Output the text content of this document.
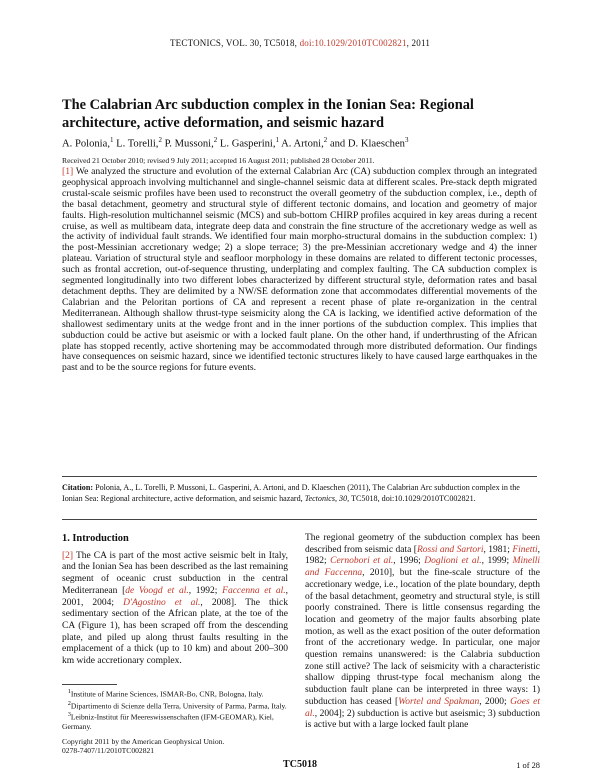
TECTONICS, VOL. 30, TC5018, doi:10.1029/2010TC002821, 2011
The Calabrian Arc subduction complex in the Ionian Sea: Regional architecture, active deformation, and seismic hazard
A. Polonia,$^1$ L. Torelli,$^2$ P. Mussoni,$^2$ L. Gasperini,$^1$ A. Artoni,$^2$ and D. Klaeschen$^3$
Received 21 October 2010; revised 9 July 2011; accepted 16 August 2011; published 28 October 2011.
[1] We analyzed the structure and evolution of the external Calabrian Arc (CA) subduction complex through an integrated geophysical approach involving multichannel and single-channel seismic data at different scales. Pre-stack depth migrated crustal-scale seismic profiles have been used to reconstruct the overall geometry of the subduction complex, i.e., depth of the basal detachment, geometry and structural style of different tectonic domains, and location and geometry of major faults. High-resolution multichannel seismic (MCS) and sub-bottom CHIRP profiles acquired in key areas during a recent cruise, as well as multibeam data, integrate deep data and constrain the fine structure of the accretionary wedge as well as the activity of individual fault strands. We identified four main morpho-structural domains in the subduction complex: 1) the post-Messinian accretionary wedge; 2) a slope terrace; 3) the pre-Messinian accretionary wedge and 4) the inner plateau. Variation of structural style and seafloor morphology in these domains are related to different tectonic processes, such as frontal accretion, out-of-sequence thrusting, underplating and complex faulting. The CA subduction complex is segmented longitudinally into two different lobes characterized by different structural style, deformation rates and basal detachment depths. They are delimited by a NW/SE deformation zone that accommodates differential movements of the Calabrian and the Peloritan portions of CA and represent a recent phase of plate re-organization in the central Mediterranean. Although shallow thrust-type seismicity along the CA is lacking, we identified active deformation of the shallowest sedimentary units at the wedge front and in the inner portions of the subduction complex. This implies that subduction could be active but aseismic or with a locked fault plane. On the other hand, if underthrusting of the African plate has stopped recently, active shortening may be accommodated through more distributed deformation. Our findings have consequences on seismic hazard, since we identified tectonic structures likely to have caused large earthquakes in the past and to be the source regions for future events.
Citation: Polonia, A., L. Torelli, P. Mussoni, L. Gasperini, A. Artoni, and D. Klaeschen (2011), The Calabrian Arc subduction complex in the Ionian Sea: Regional architecture, active deformation, and seismic hazard, Tectonics, 30, TC5018, doi:10.1029/2010TC002821.
1. Introduction
[2] The CA is part of the most active seismic belt in Italy, and the Ionian Sea has been described as the last remaining segment of oceanic crust subduction in the central Mediterranean [de Voogd et al., 1992; Faccenna et al., 2001, 2004; D'Agostino et al., 2008]. The thick sedimentary section of the African plate, at the toe of the CA (Figure 1), has been scraped off from the descending plate, and piled up along thrust faults resulting in the emplacement of a thick (up to 10 km) and about 200–300 km wide accretionary complex.
$^1$Institute of Marine Sciences, ISMAR-Bo, CNR, Bologna, Italy.
$^2$Dipartimento di Scienze della Terra, University of Parma, Parma, Italy.
$^3$Leibniz-Institut für Meereswissenschaften (IFM-GEOMAR), Kiel, Germany.
Copyright 2011 by the American Geophysical Union.
0278-7407/11/2010TC002821
The regional geometry of the subduction complex has been described from seismic data [Rossi and Sartori, 1981; Finetti, 1982; Cernobori et al., 1996; Doglioni et al., 1999; Minelli and Faccenna, 2010], but the fine-scale structure of the accretionary wedge, i.e., location of the plate boundary, depth of the basal detachment, geometry and structural style, is still poorly constrained. There is little consensus regarding the location and geometry of the major faults absorbing plate motion, as well as the exact position of the outer deformation front of the accretionary wedge. In particular, one major question remains unanswered: is the Calabria subduction zone still active? The lack of seismicity with a characteristic shallow dipping thrust-type focal mechanism along the subduction fault plane can be interpreted in three ways: 1) subduction has ceased [Wortel and Spakman, 2000; Goes et al., 2004]; 2) subduction is active but aseismic; 3) subduction is active but with a large locked fault plane
TC5018	1 of 28
